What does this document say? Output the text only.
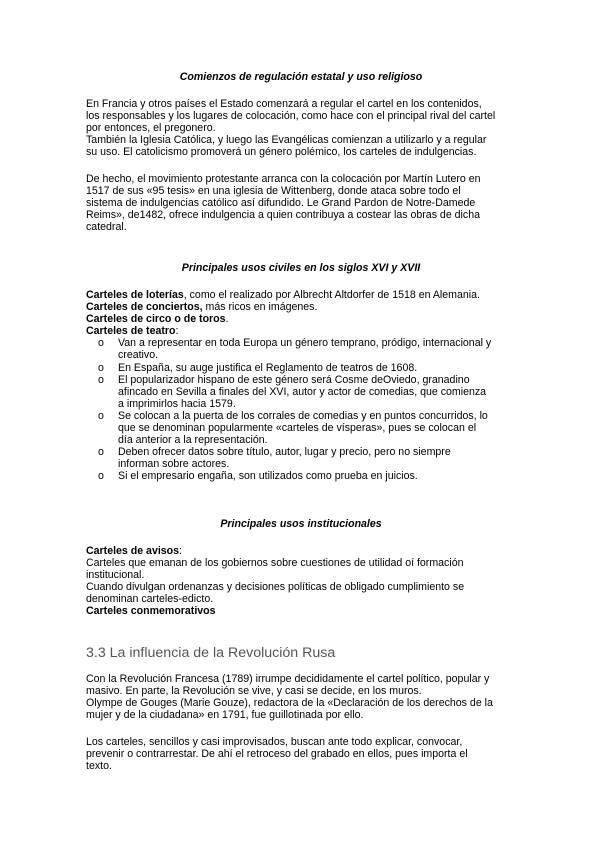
Comienzos de regulación estatal y uso religioso

En Francia y otros países el Estado comenzará a regular el cartel en los contenidos,

los responsables y los lugares de colocación, como hace con el principal rival del cartel

por entonces, el pregonero.

También la Iglesia Católica, y luego las Evangélicas comienzan a utilizarlo y a regular

su uso. El catolicismo promoverá un género polémico, los carteles de indulgencias.

De hecho, el movimiento protestante arranca con la colocación por Martín Lutero en

1517 de sus «95 tesis» en una iglesia de Wittenberg, donde ataca sobre todo el

sistema de indulgencias católico así difundido. Le Grand Pardon de Notre-Damede

Reims», de1482, ofrece indulgencia a quien contribuya a costear las obras de dicha

catedral.

Principales usos civiles en los siglos XVI y XVII

Carteles de loterías, como el realizado por Albrecht Altdorfer de 1518 en Alemania.

Carteles de conciertos, más ricos en imágenes.

Carteles de circo o de toros.

Carteles de teatro:

o Van a representar en toda Europa un género temprano, pródigo, internacional y

creativo.

o En España, su auge justifica el Reglamento de teatros de 1608.

o El popularizador hispano de este género será Cosme deOviedo, granadino

afincado en Sevilla a finales del XVI, autor y actor de comedias, que comienza

a imprimirlos hacia 1579.

o Se colocan a la puerta de los corrales de comedias y en puntos concurridos, lo

que se denominan popularmente «carteles de vísperas», pues se colocan el

día anterior a la representación.

o Deben ofrecer datos sobre título, autor, lugar y precio, pero no siempre

informan sobre actores.

o Si el empresario engaña, son utilizados como prueba en juicios.

Principales usos institucionales

Carteles de avisos:

Carteles que emanan de los gobiernos sobre cuestiones de utilidad oí formación

institucional.

Cuando divulgan ordenanzas y decisiones políticas de obligado cumplimiento se

denominan carteles-edicto.

Carteles conmemorativos

3.3 La influencia de la Revolución Rusa

Con la Revolución Francesa (1789) irrumpe decididamente el cartel político, popular y

masivo. En parte, la Revolución se vive, y casi se decide, en los muros.

Olympe de Gouges (Marie Gouze), redactora de la «Declaración de los derechos de la

mujer y de la ciudadana» en 1791, fue guillotinada por ello.

Los carteles, sencillos y casi improvisados, buscan ante todo explicar, convocar,

prevenir o contrarrestar. De ahí el retroceso del grabado en ellos, pues importa el

texto.
